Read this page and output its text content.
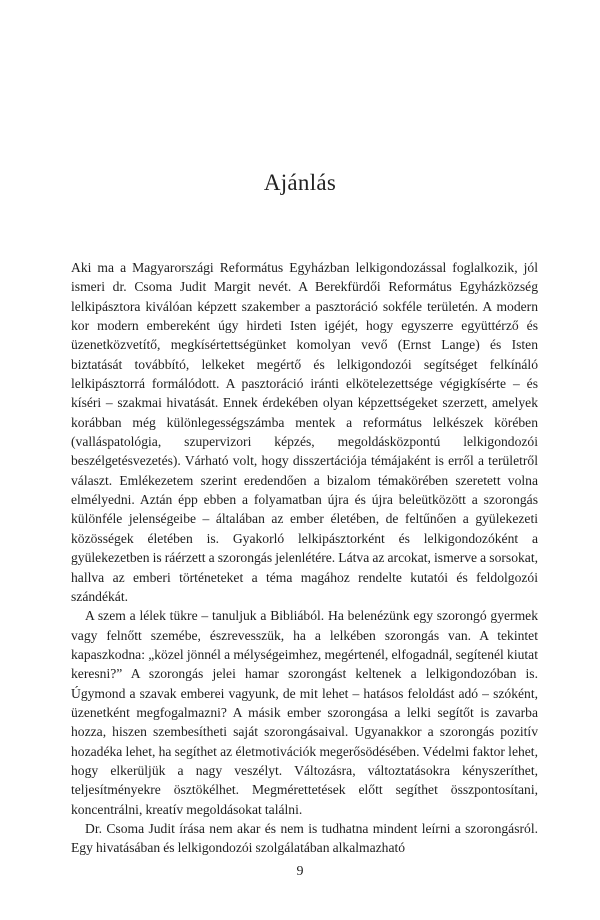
Ajánlás

Aki ma a Magyarországi Református Egyházban lelkigondozással foglalkozik, jól ismeri dr. Csoma Judit Margit nevét. A Berekfürdői Református Egyházközség lelkipásztora kiválóan képzett szakember a pasztoráció sokféle területén. A modern kor modern embereként úgy hirdeti Isten igéjét, hogy egyszerre együttérző és üzenetközvetítő, megkísértettségünket komolyan vevő (Ernst Lange) és Isten biztatását továbbító, lelkeket megértő és lelkigondozói segítséget felkínáló lelkipásztorrá formálódott. A pasztoráció iránti elkötelezettsége végigkísérte – és kíséri – szakmai hivatását. Ennek érdekében olyan képzettségeket szerzett, amelyek korábban még különlegességszámba mentek a református lelkészek körében (valláspatológia, szupervizori képzés, megoldásközpontú lelkigondozói beszélgetésvezetés). Várható volt, hogy disszertációja témájaként is erről a területről választ. Emlékezetem szerint eredendően a bizalom témakörében szeretett volna elmélyedni. Aztán épp ebben a folyamatban újra és újra beleütközött a szorongás különféle jelenségeibe – általában az ember életében, de feltűnően a gyülekezeti közösségek életében is. Gyakorló lelkipásztorként és lelkigondozóként a gyülekezetben is ráérzett a szorongás jelenlétére. Látva az arcokat, ismerve a sorsokat, hallva az emberi történeteket a téma magához rendelte kutatói és feldolgozói szándékát.

A szem a lélek tükre – tanuljuk a Bibliából. Ha belenézünk egy szorongó gyermek vagy felnőtt szemébe, észrevesszük, ha a lelkében szorongás van. A tekintet kapaszkodna: „közel jönnél a mélységeimhez, megértenél, elfogadnál, segítenél kiutat keresni?” A szorongás jelei hamar szorongást keltenek a lelkigondozóban is. Úgymond a szavak emberei vagyunk, de mit lehet – hatásos feloldást adó – szóként, üzenetként megfogalmazni? A másik ember szorongása a lelki segítőt is zavarba hozza, hiszen szembesítheti saját szorongásaival. Ugyanakkor a szorongás pozitív hozadéka lehet, ha segíthet az életmotivációk megerősödésében. Védelmi faktor lehet, hogy elkerüljük a nagy veszélyt. Változásra, változtatásokra kényszeríthet, teljesítményekre ösztökélhet. Megmérettetések előtt segíthet összpontosítani, koncentrálni, kreatív megoldásokat találni.

Dr. Csoma Judit írása nem akar és nem is tudhatna mindent leírni a szorongásról. Egy hivatásában és lelkigondozói szolgálatában alkalmazható

9
